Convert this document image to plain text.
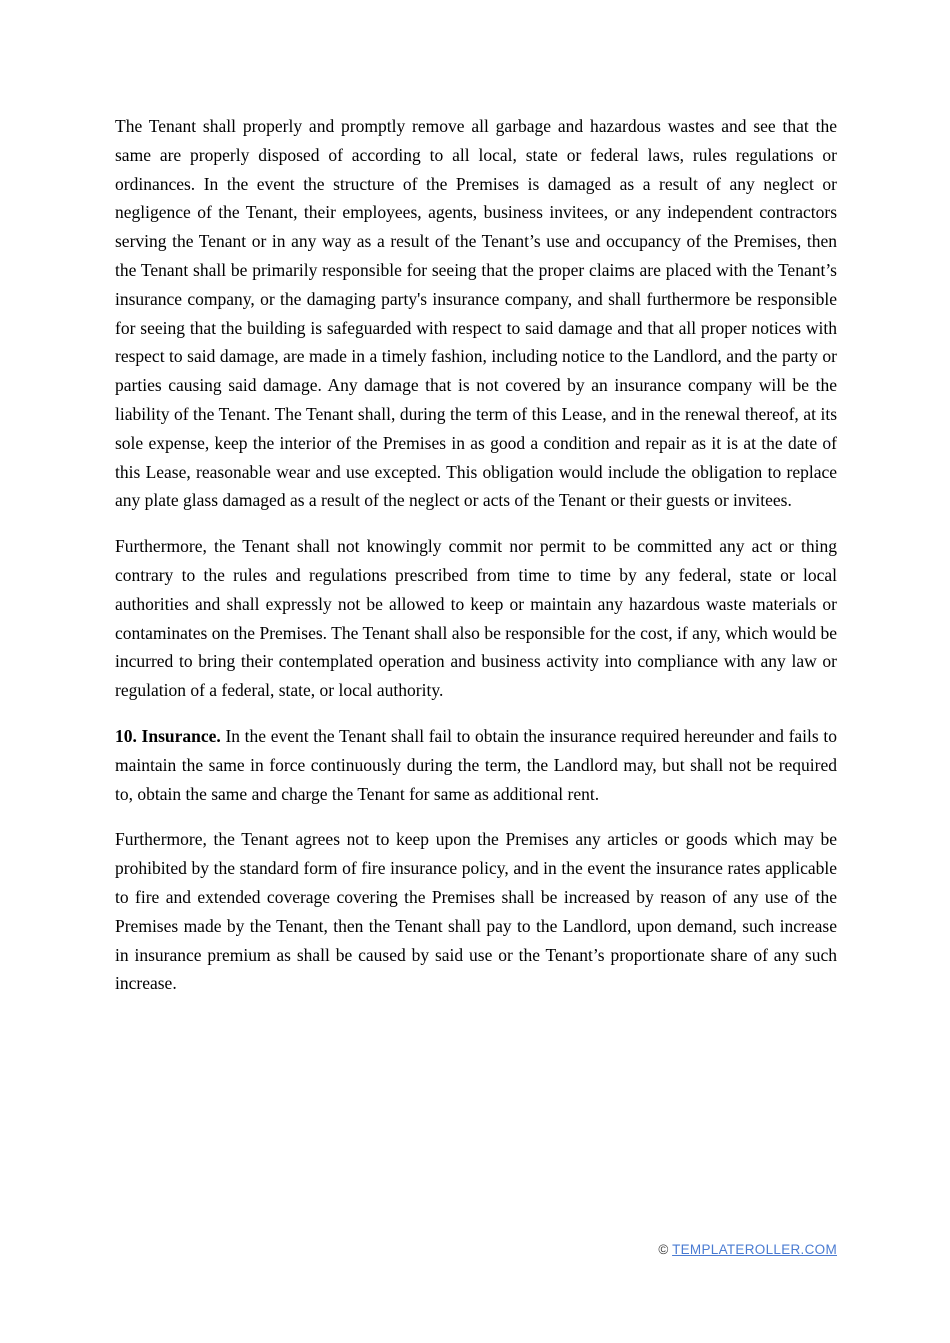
The Tenant shall properly and promptly remove all garbage and hazardous wastes and see that the same are properly disposed of according to all local, state or federal laws, rules regulations or ordinances. In the event the structure of the Premises is damaged as a result of any neglect or negligence of the Tenant, their employees, agents, business invitees, or any independent contractors serving the Tenant or in any way as a result of the Tenant’s use and occupancy of the Premises, then the Tenant shall be primarily responsible for seeing that the proper claims are placed with the Tenant’s insurance company, or the damaging party's insurance company, and shall furthermore be responsible for seeing that the building is safeguarded with respect to said damage and that all proper notices with respect to said damage, are made in a timely fashion, including notice to the Landlord, and the party or parties causing said damage. Any damage that is not covered by an insurance company will be the liability of the Tenant. The Tenant shall, during the term of this Lease, and in the renewal thereof, at its sole expense, keep the interior of the Premises in as good a condition and repair as it is at the date of this Lease, reasonable wear and use excepted. This obligation would include the obligation to replace any plate glass damaged as a result of the neglect or acts of the Tenant or their guests or invitees.

Furthermore, the Tenant shall not knowingly commit nor permit to be committed any act or thing contrary to the rules and regulations prescribed from time to time by any federal, state or local authorities and shall expressly not be allowed to keep or maintain any hazardous waste materials or contaminates on the Premises. The Tenant shall also be responsible for the cost, if any, which would be incurred to bring their contemplated operation and business activity into compliance with any law or regulation of a federal, state, or local authority.

10. Insurance. In the event the Tenant shall fail to obtain the insurance required hereunder and fails to maintain the same in force continuously during the term, the Landlord may, but shall not be required to, obtain the same and charge the Tenant for same as additional rent.

Furthermore, the Tenant agrees not to keep upon the Premises any articles or goods which may be prohibited by the standard form of fire insurance policy, and in the event the insurance rates applicable to fire and extended coverage covering the Premises shall be increased by reason of any use of the Premises made by the Tenant, then the Tenant shall pay to the Landlord, upon demand, such increase in insurance premium as shall be caused by said use or the Tenant’s proportionate share of any such increase.

© TEMPLATEROLLER.COM
